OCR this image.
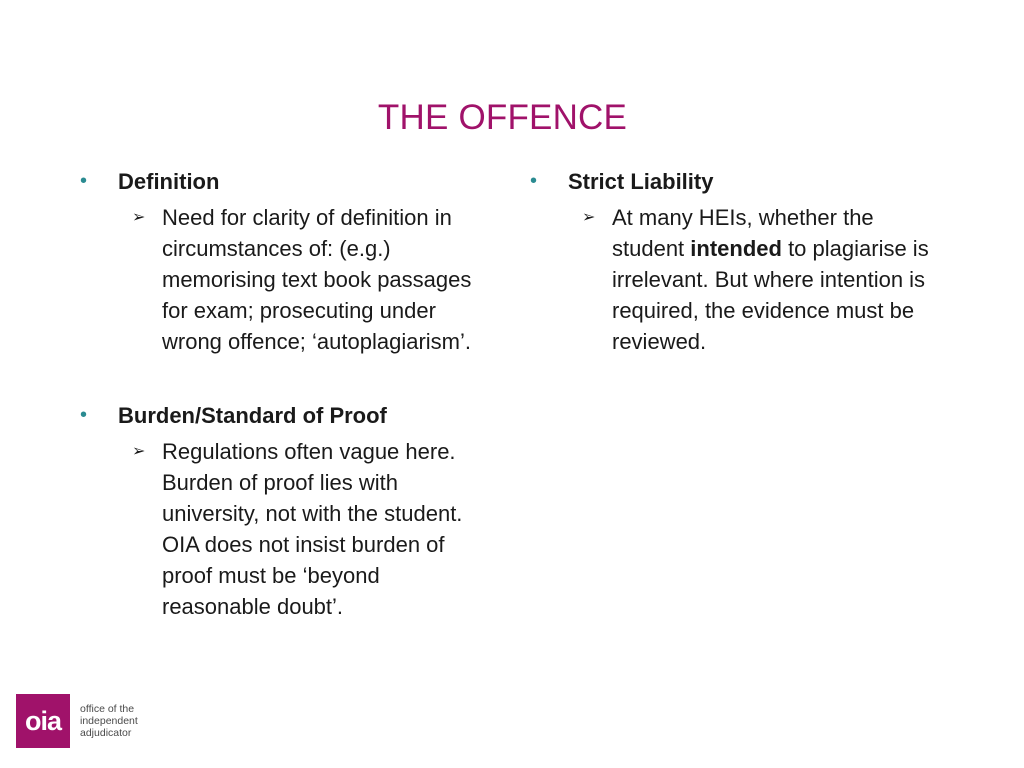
THE OFFENCE
•	Definition
➢ Need for clarity of definition in circumstances of: (e.g.) memorising text book passages for exam; prosecuting under wrong offence; ‘autoplagiarism’.
•	Burden/Standard of Proof
➢ Regulations often vague here. Burden of proof lies with university, not with the student. OIA does not insist burden of proof must be ‘beyond reasonable doubt’.
•	Strict Liability
➢ At many HEIs, whether the student intended to plagiarise is irrelevant. But where intention is required, the evidence must be reviewed.
oia	office of the
independent
adjudicator
